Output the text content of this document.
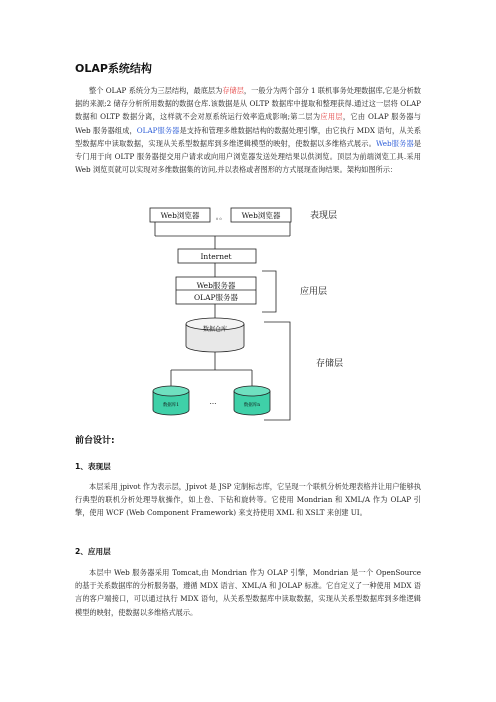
OLAP系统结构
整个 OLAP 系统分为三层结构，最底层为存储层，一般分为两个部分 1 联机事务处理数据库,它是分析数据的来源;2 储存分析所用数据的数据仓库.该数据是从 OLTP 数据库中提取和整理获得.通过这一层将 OLAP 数据和 OLTP 数据分离，这样就不会对原系统运行效率造成影响;第二层为应用层，它由 OLAP 服务器与 Web 服务器组成，OLAP服务器是支持和管理多维数据结构的数据处理引擎，由它执行 MDX 语句，从关系型数据库中读取数据，实现从关系型数据库到多维逻辑模型的映射，使数据以多维格式展示。Web服务器是专门用于向 OLTP 服务器提交用户请求或向用户浏览器发送处理结果以供浏览。顶层为前端浏览工具.采用 Web 浏览页就可以实现对多维数据集的访问,并以表格或者图形的方式展现查询结果。架构如图所示：
Web浏览器 。。 Web浏览器	表现层
Internet
Web服务器
OLAP服务器
应用层
数据仓库
存储层
数据库1	…	数据库n
前台设计:
1、表现层
本层采用 jpivot 作为表示层，Jpivot 是 JSP 定制标志库，它呈现一个联机分析处理表格并让用户能够执行典型的联机分析处理导航操作，如上卷、下钻和旋转等。它使用 Mondrian 和 XML/A 作为 OLAP 引擎，使用 WCF (Web Component Framework) 来支持使用 XML 和 XSLT 来创建 UI。
2、应用层
本层中 Web 服务器采用 Tomcat,由 Mondrian 作为 OLAP 引擎，Mondrian 是一个 OpenSource 的基于关系数据库的分析服务器，遵循 MDX 语言、XML/A 和 JOLAP 标准。它自定义了一种使用 MDX 语言的客户端接口，可以通过执行 MDX 语句，从关系型数据库中读取数据，实现从关系型数据库到多维逻辑模型的映射，使数据以多维格式展示。
